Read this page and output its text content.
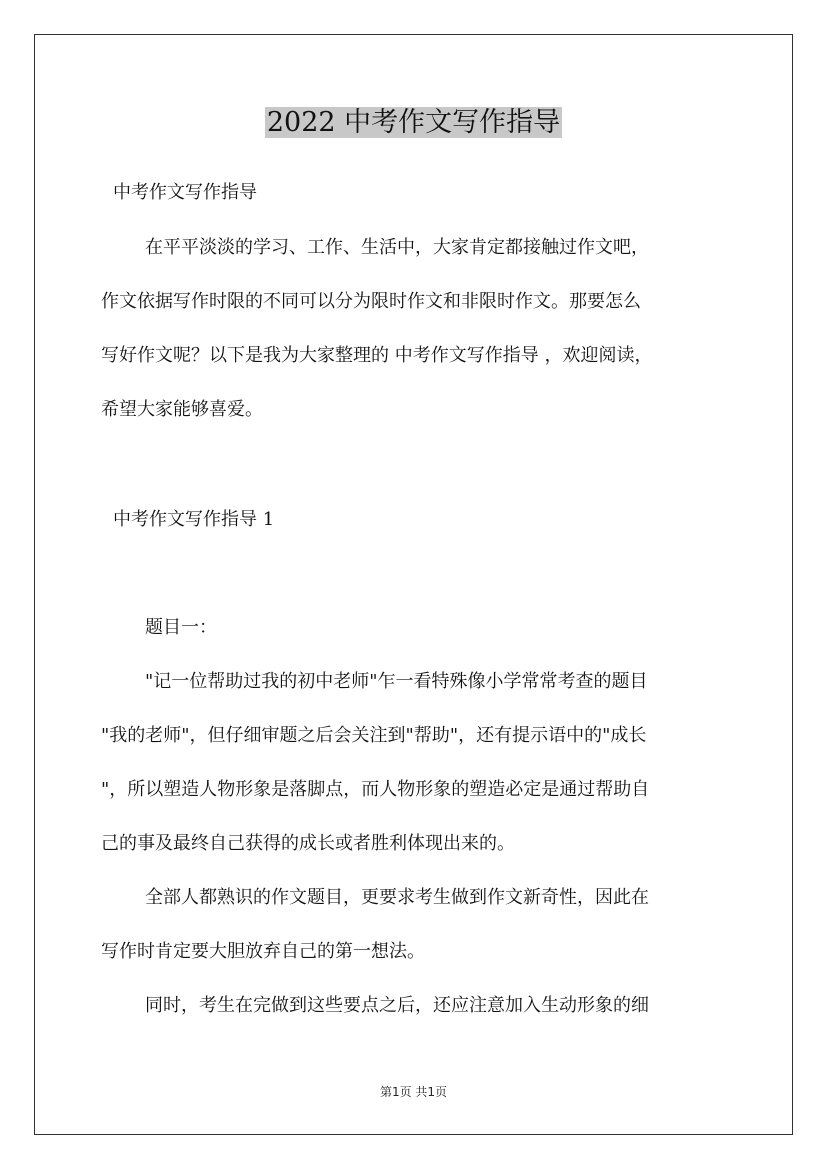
2022 中考作文写作指导

中考作文写作指导

在平平淡淡的学习、工作、生活中，大家肯定都接触过作文吧，

作文依据写作时限的不同可以分为限时作文和非限时作文。那要怎么

写好作文呢？以下是我为大家整理的 中考作文写作指导 ，欢迎阅读，

希望大家能够喜爱。

中考作文写作指导 1

题目一：

"记一位帮助过我的初中老师"乍一看特殊像小学常常考查的题目

"我的老师"，但仔细审题之后会关注到"帮助"，还有提示语中的"成长

"，所以塑造人物形象是落脚点，而人物形象的塑造必定是通过帮助自

己的事及最终自己获得的成长或者胜利体现出来的。

全部人都熟识的作文题目，更要求考生做到作文新奇性，因此在

写作时肯定要大胆放弃自己的第一想法。

同时，考生在完做到这些要点之后，还应注意加入生动形象的细

第1页 共1页
